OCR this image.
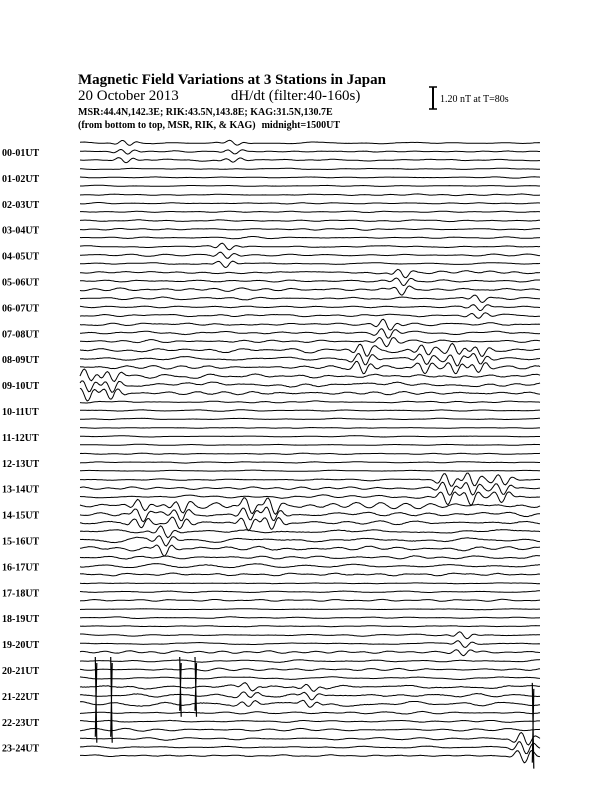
Magnetic Field Variations at 3 Stations in Japan
20 October 2013	dH/dt (filter:40-160s)
MSR:44.4N,142.3E; RIK:43.5N,143.8E; KAG:31.5N,130.7E
(from bottom to top, MSR, RIK, & KAG) midnight=1500UT
1.20 nT at T=80s
00-01UT
01-02UT
02-03UT
03-04UT
04-05UT
05-06UT
06-07UT
07-08UT
08-09UT
09-10UT
10-11UT
11-12UT
12-13UT
13-14UT
14-15UT
15-16UT
16-17UT
17-18UT
18-19UT
19-20UT
20-21UT
21-22UT
22-23UT
23-24UT
